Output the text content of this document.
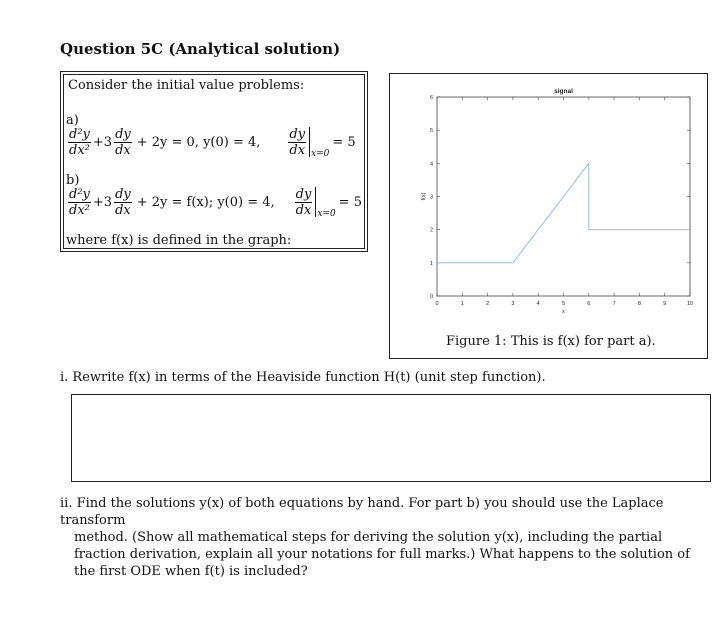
Question 5C (Analytical solution)
Consider the initial value problems:
a)
$\frac{\text{d²y}}{\text{dx²}} +3 \frac{dy}{dx} + 2y = 0$, y(0) = 4, $\frac{dy}{dx} x=0$
= 5
b)
$\frac{\text{d²y}}{\text{dx²}} +3 \frac{dy}{dx} + 2y = f(x)$; y(0) = 4, $\frac{dy}{dx} x=0$
= 5
where f(x) is defined in the graph:
0	1	2	3	4	5	6	7	8	9	10
0
1
2
3
4
5
6
signal
x
f(x)
Figure 1: This is f(x) for part a).
i. Rewrite f(x) in terms of the Heaviside function H(t) (unit step function).
ii. Find the solutions y(x) of both equations by hand. For part b) you should use the Laplace transform
method. (Show all mathematical steps for deriving the solution y(x), including the partial fraction derivation, explain all your notations for full marks.) What happens to the solution of the first ODE when f(t) is included?
